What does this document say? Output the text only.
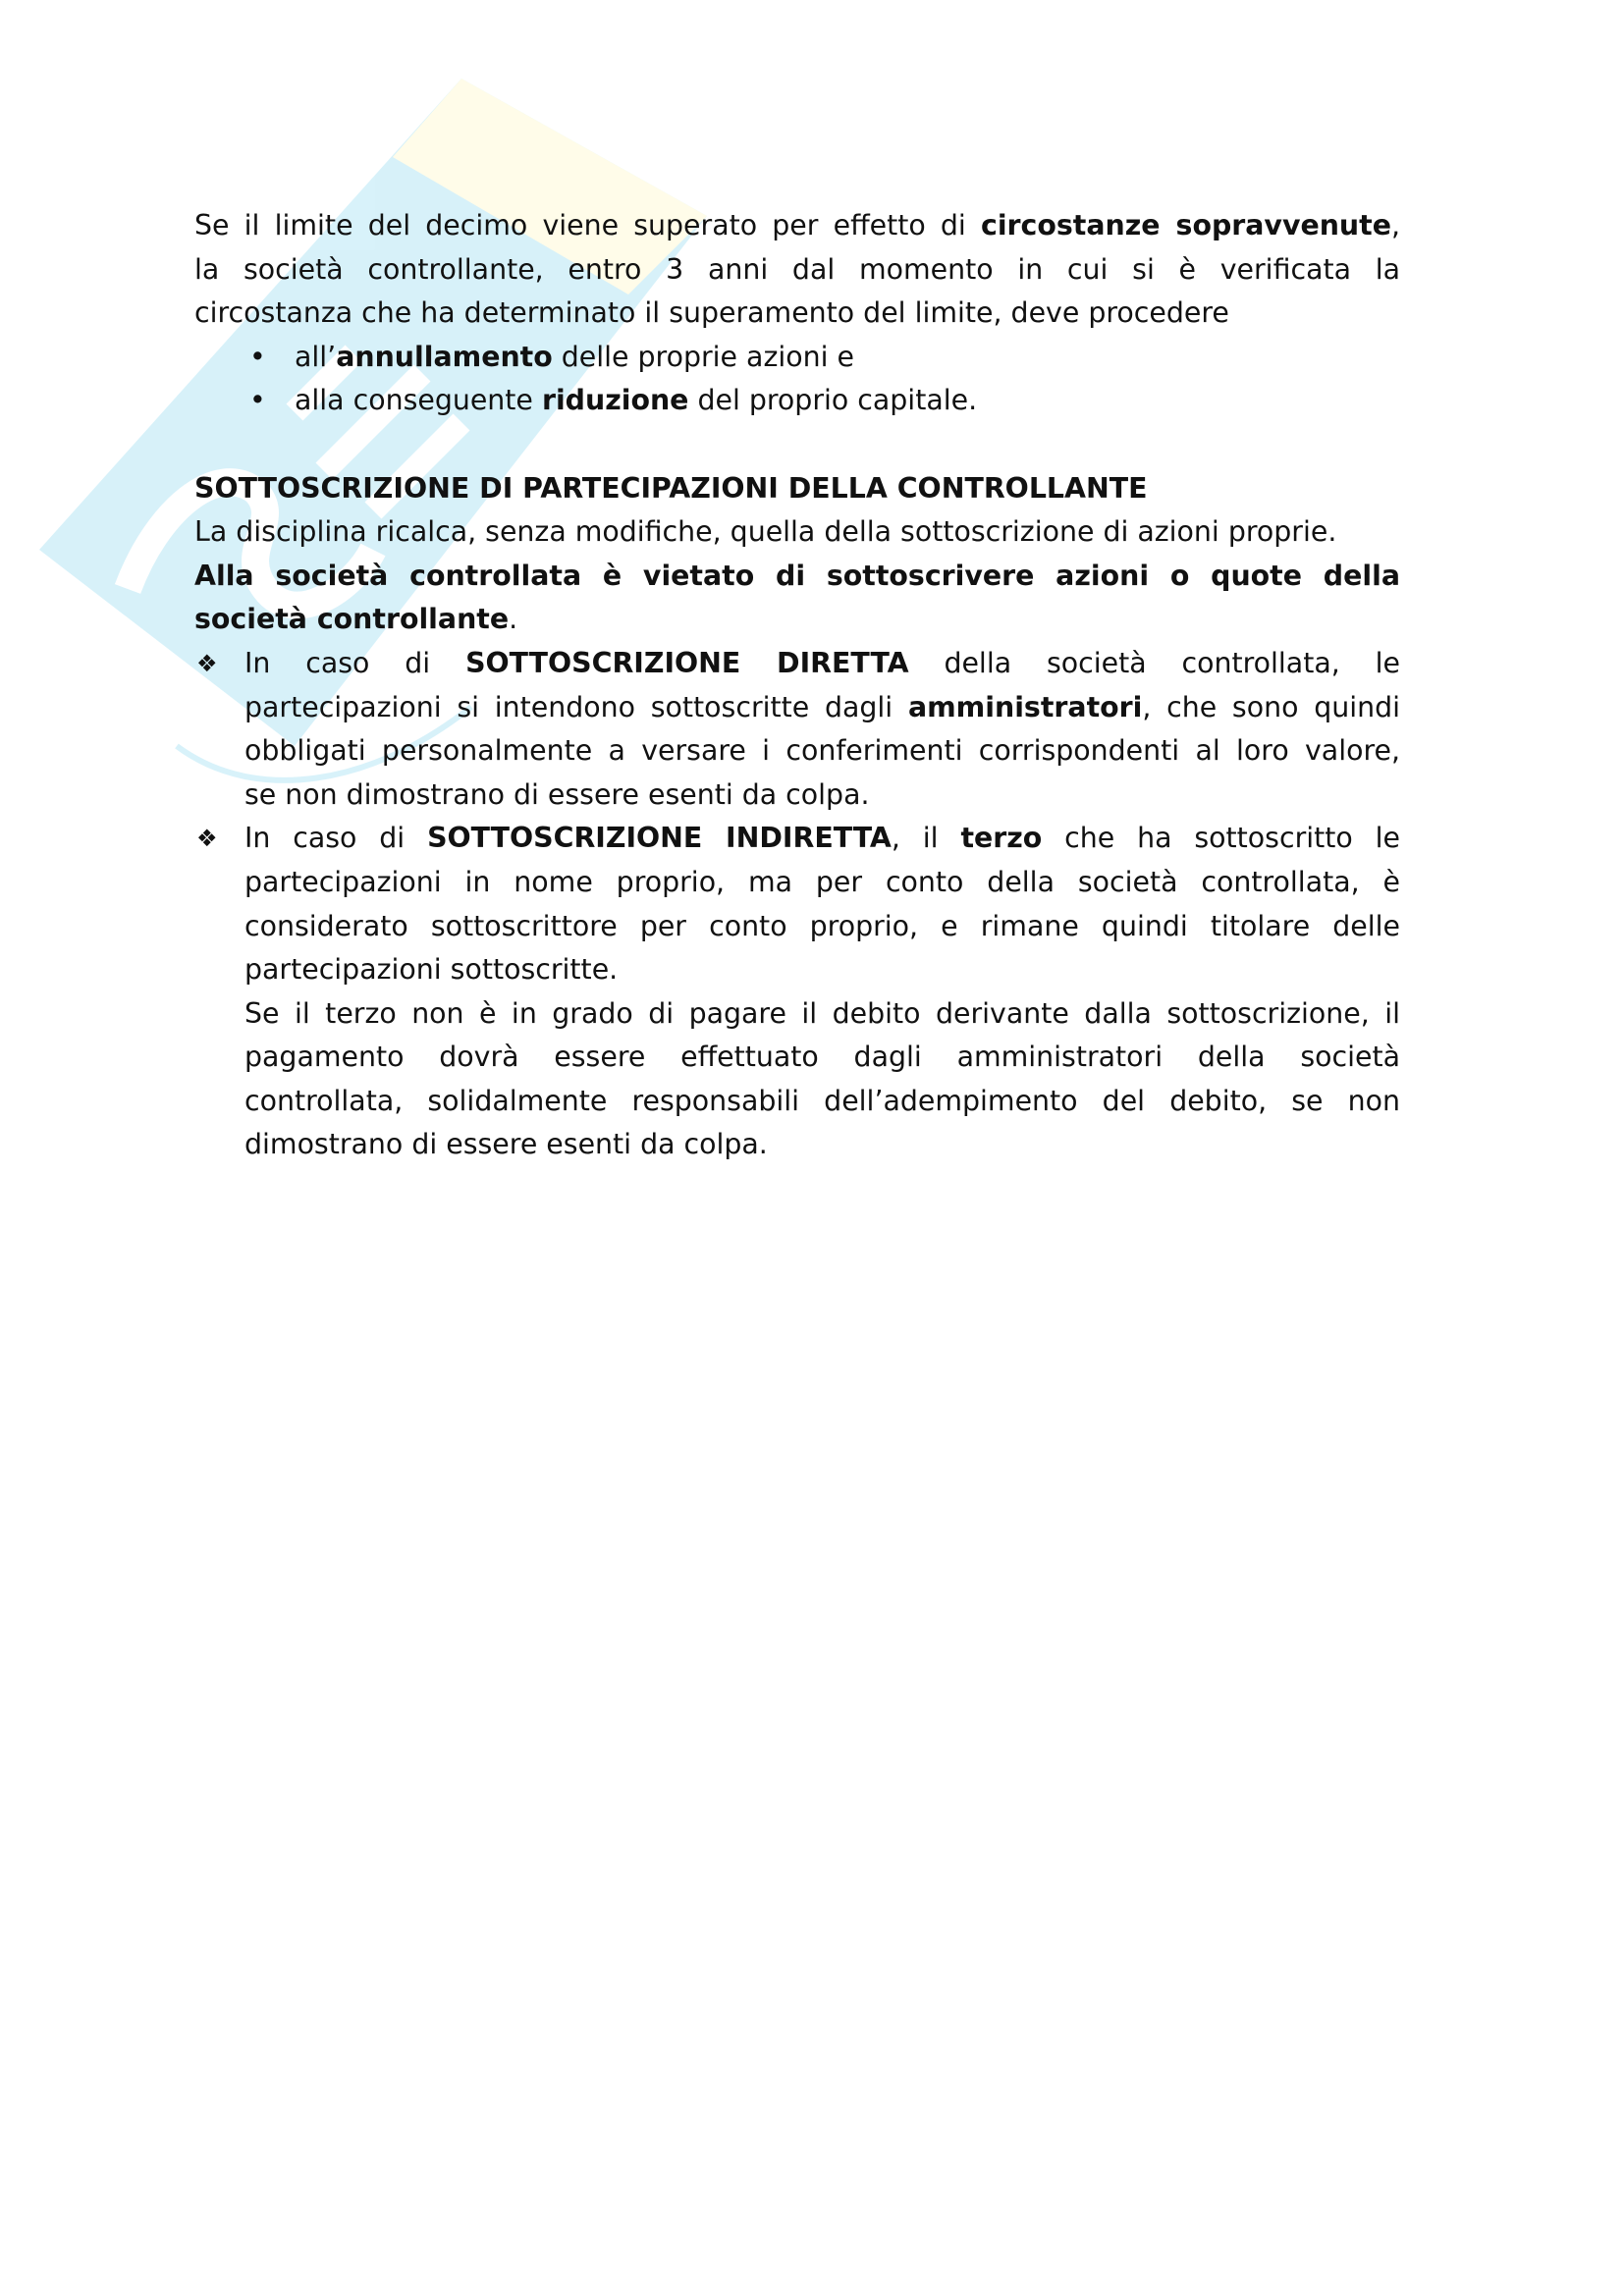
Se il limite del decimo viene superato per effetto di circostanze sopravvenute,
la società controllante, entro 3 anni dal momento in cui si è verificata la
circostanza che ha determinato il superamento del limite, deve procedere
• all’annullamento delle proprie azioni e
• alla conseguente riduzione del proprio capitale.
SOTTOSCRIZIONE DI PARTECIPAZIONI DELLA CONTROLLANTE
La disciplina ricalca, senza modifiche, quella della sottoscrizione di azioni proprie.
Alla società controllata è vietato di sottoscrivere azioni o quote della
società controllante.
❖ In caso di SOTTOSCRIZIONE DIRETTA della società controllata, le
partecipazioni si intendono sottoscritte dagli amministratori, che sono quindi
obbligati personalmente a versare i conferimenti corrispondenti al loro valore,
se non dimostrano di essere esenti da colpa.
❖ In caso di SOTTOSCRIZIONE INDIRETTA, il terzo che ha sottoscritto le
partecipazioni in nome proprio, ma per conto della società controllata, è
considerato sottoscrittore per conto proprio, e rimane quindi titolare delle
partecipazioni sottoscritte.
Se il terzo non è in grado di pagare il debito derivante dalla sottoscrizione, il
pagamento dovrà essere effettuato dagli amministratori della società
controllata, solidalmente responsabili dell’adempimento del debito, se non
dimostrano di essere esenti da colpa.
